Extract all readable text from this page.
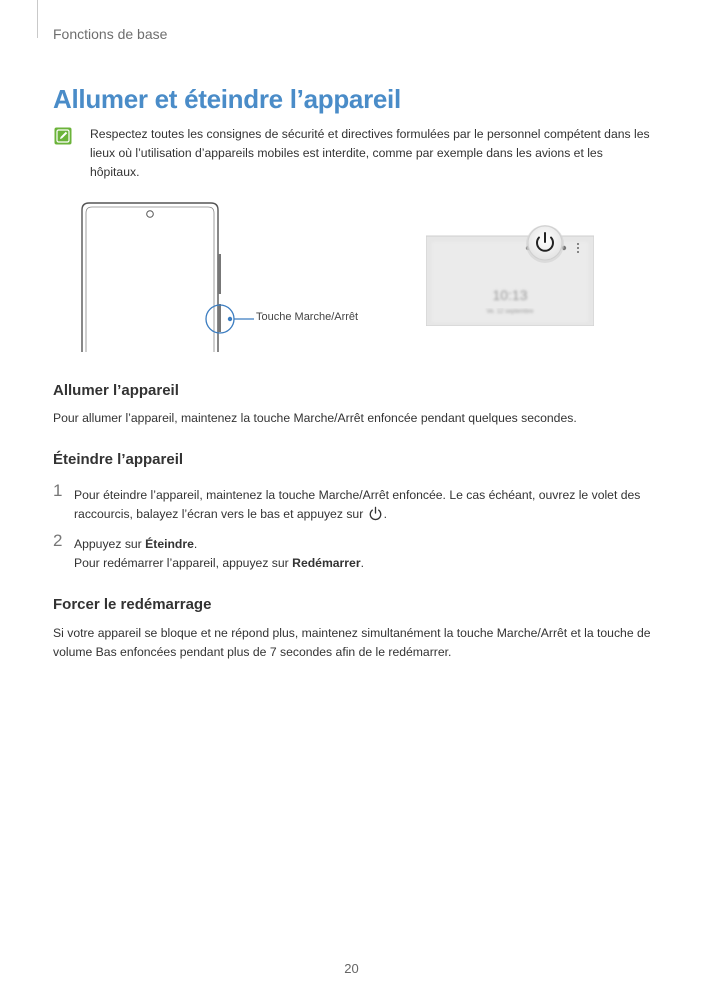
Fonctions de base
Allumer et éteindre l’appareil
Respectez toutes les consignes de sécurité et directives formulées par le personnel compétent dans les lieux où l’utilisation d’appareils mobiles est interdite, comme par exemple dans les avions et les hôpitaux.
Touche Marche/Arrêt
10:13
Ve. 12 septembre
Allumer l’appareil
Pour allumer l’appareil, maintenez la touche Marche/Arrêt enfoncée pendant quelques secondes.
Éteindre l’appareil
1 Pour éteindre l’appareil, maintenez la touche Marche/Arrêt enfoncée. Le cas échéant, ouvrez le volet des raccourcis, balayez l’écran vers le bas et appuyez sur .
2 Appuyez sur Éteindre.
Pour redémarrer l’appareil, appuyez sur Redémarrer.
Forcer le redémarrage
Si votre appareil se bloque et ne répond plus, maintenez simultanément la touche Marche/Arrêt et la touche de volume Bas enfoncées pendant plus de 7 secondes afin de le redémarrer.
20
